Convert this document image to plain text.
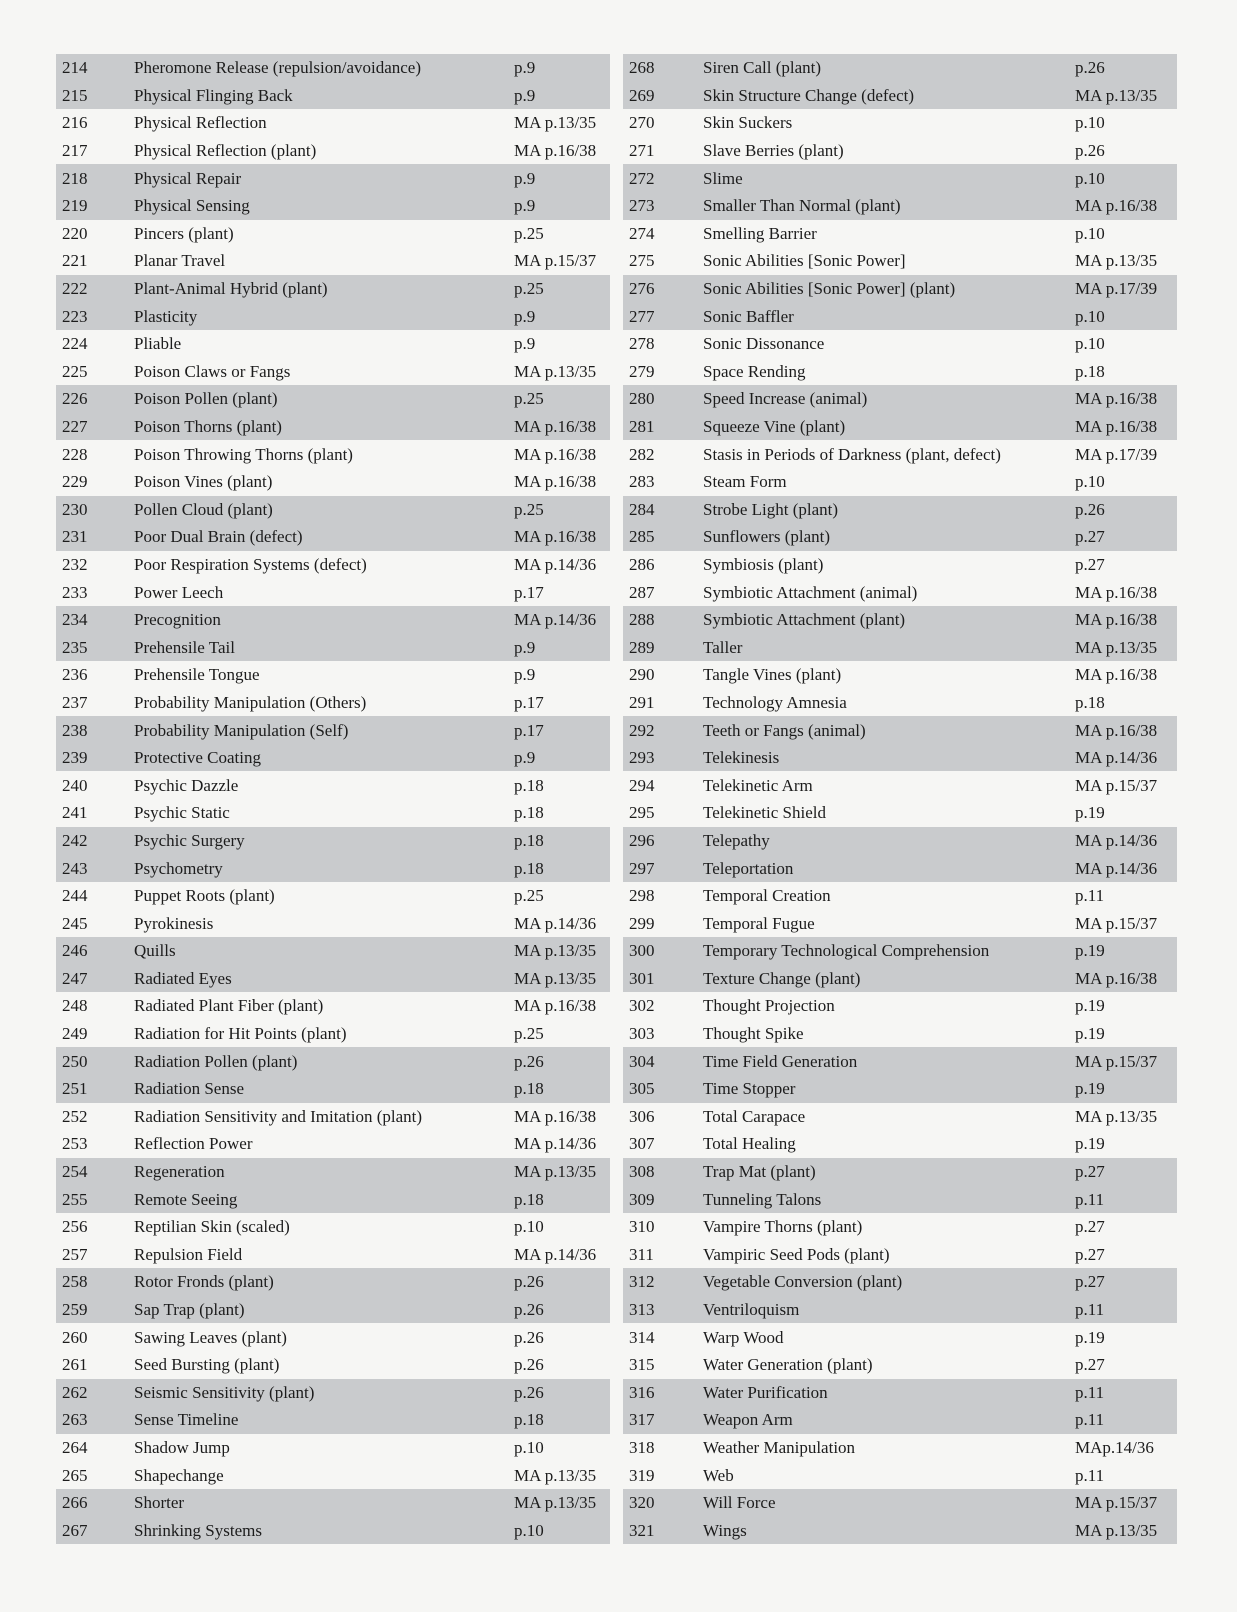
214	Pheromone Release (repulsion/avoidance)	p.9
215	Physical Flinging Back	p.9
216	Physical Reflection	MA p.13/35
217	Physical Reflection (plant)	MA p.16/38
218	Physical Repair	p.9
219	Physical Sensing	p.9
220	Pincers (plant)	p.25
221	Planar Travel	MA p.15/37
222	Plant-Animal Hybrid (plant)	p.25
223	Plasticity	p.9
224	Pliable	p.9
225	Poison Claws or Fangs	MA p.13/35
226	Poison Pollen (plant)	p.25
227	Poison Thorns (plant)	MA p.16/38
228	Poison Throwing Thorns (plant)	MA p.16/38
229	Poison Vines (plant)	MA p.16/38
230	Pollen Cloud (plant)	p.25
231	Poor Dual Brain (defect)	MA p.16/38
232	Poor Respiration Systems (defect)	MA p.14/36
233	Power Leech	p.17
234	Precognition	MA p.14/36
235	Prehensile Tail	p.9
236	Prehensile Tongue	p.9
237	Probability Manipulation (Others)	p.17
238	Probability Manipulation (Self)	p.17
239	Protective Coating	p.9
240	Psychic Dazzle	p.18
241	Psychic Static	p.18
242	Psychic Surgery	p.18
243	Psychometry	p.18
244	Puppet Roots (plant)	p.25
245	Pyrokinesis	MA p.14/36
246	Quills	MA p.13/35
247	Radiated Eyes	MA p.13/35
248	Radiated Plant Fiber (plant)	MA p.16/38
249	Radiation for Hit Points (plant)	p.25
250	Radiation Pollen (plant)	p.26
251	Radiation Sense	p.18
252	Radiation Sensitivity and Imitation (plant)	MA p.16/38
253	Reflection Power	MA p.14/36
254	Regeneration	MA p.13/35
255	Remote Seeing	p.18
256	Reptilian Skin (scaled)	p.10
257	Repulsion Field	MA p.14/36
258	Rotor Fronds (plant)	p.26
259	Sap Trap (plant)	p.26
260	Sawing Leaves (plant)	p.26
261	Seed Bursting (plant)	p.26
262	Seismic Sensitivity (plant)	p.26
263	Sense Timeline	p.18
264	Shadow Jump	p.10
265	Shapechange	MA p.13/35
266	Shorter	MA p.13/35
267	Shrinking Systems	p.10
268	Siren Call (plant)	p.26
269	Skin Structure Change (defect)	MA p.13/35
270	Skin Suckers	p.10
271	Slave Berries (plant)	p.26
272	Slime	p.10
273	Smaller Than Normal (plant)	MA p.16/38
274	Smelling Barrier	p.10
275	Sonic Abilities [Sonic Power]	MA p.13/35
276	Sonic Abilities [Sonic Power] (plant)	MA p.17/39
277	Sonic Baffler	p.10
278	Sonic Dissonance	p.10
279	Space Rending	p.18
280	Speed Increase (animal)	MA p.16/38
281	Squeeze Vine (plant)	MA p.16/38
282	Stasis in Periods of Darkness (plant, defect)	MA p.17/39
283	Steam Form	p.10
284	Strobe Light (plant)	p.26
285	Sunflowers (plant)	p.27
286	Symbiosis (plant)	p.27
287	Symbiotic Attachment (animal)	MA p.16/38
288	Symbiotic Attachment (plant)	MA p.16/38
289	Taller	MA p.13/35
290	Tangle Vines (plant)	MA p.16/38
291	Technology Amnesia	p.18
292	Teeth or Fangs (animal)	MA p.16/38
293	Telekinesis	MA p.14/36
294	Telekinetic Arm	MA p.15/37
295	Telekinetic Shield	p.19
296	Telepathy	MA p.14/36
297	Teleportation	MA p.14/36
298	Temporal Creation	p.11
299	Temporal Fugue	MA p.15/37
300	Temporary Technological Comprehension	p.19
301	Texture Change (plant)	MA p.16/38
302	Thought Projection	p.19
303	Thought Spike	p.19
304	Time Field Generation	MA p.15/37
305	Time Stopper	p.19
306	Total Carapace	MA p.13/35
307	Total Healing	p.19
308	Trap Mat (plant)	p.27
309	Tunneling Talons	p.11
310	Vampire Thorns (plant)	p.27
311	Vampiric Seed Pods (plant)	p.27
312	Vegetable Conversion (plant)	p.27
313	Ventriloquism	p.11
314	Warp Wood	p.19
315	Water Generation (plant)	p.27
316	Water Purification	p.11
317	Weapon Arm	p.11
318	Weather Manipulation	MAp.14/36
319	Web	p.11
320	Will Force	MA p.15/37
321	Wings	MA p.13/35
